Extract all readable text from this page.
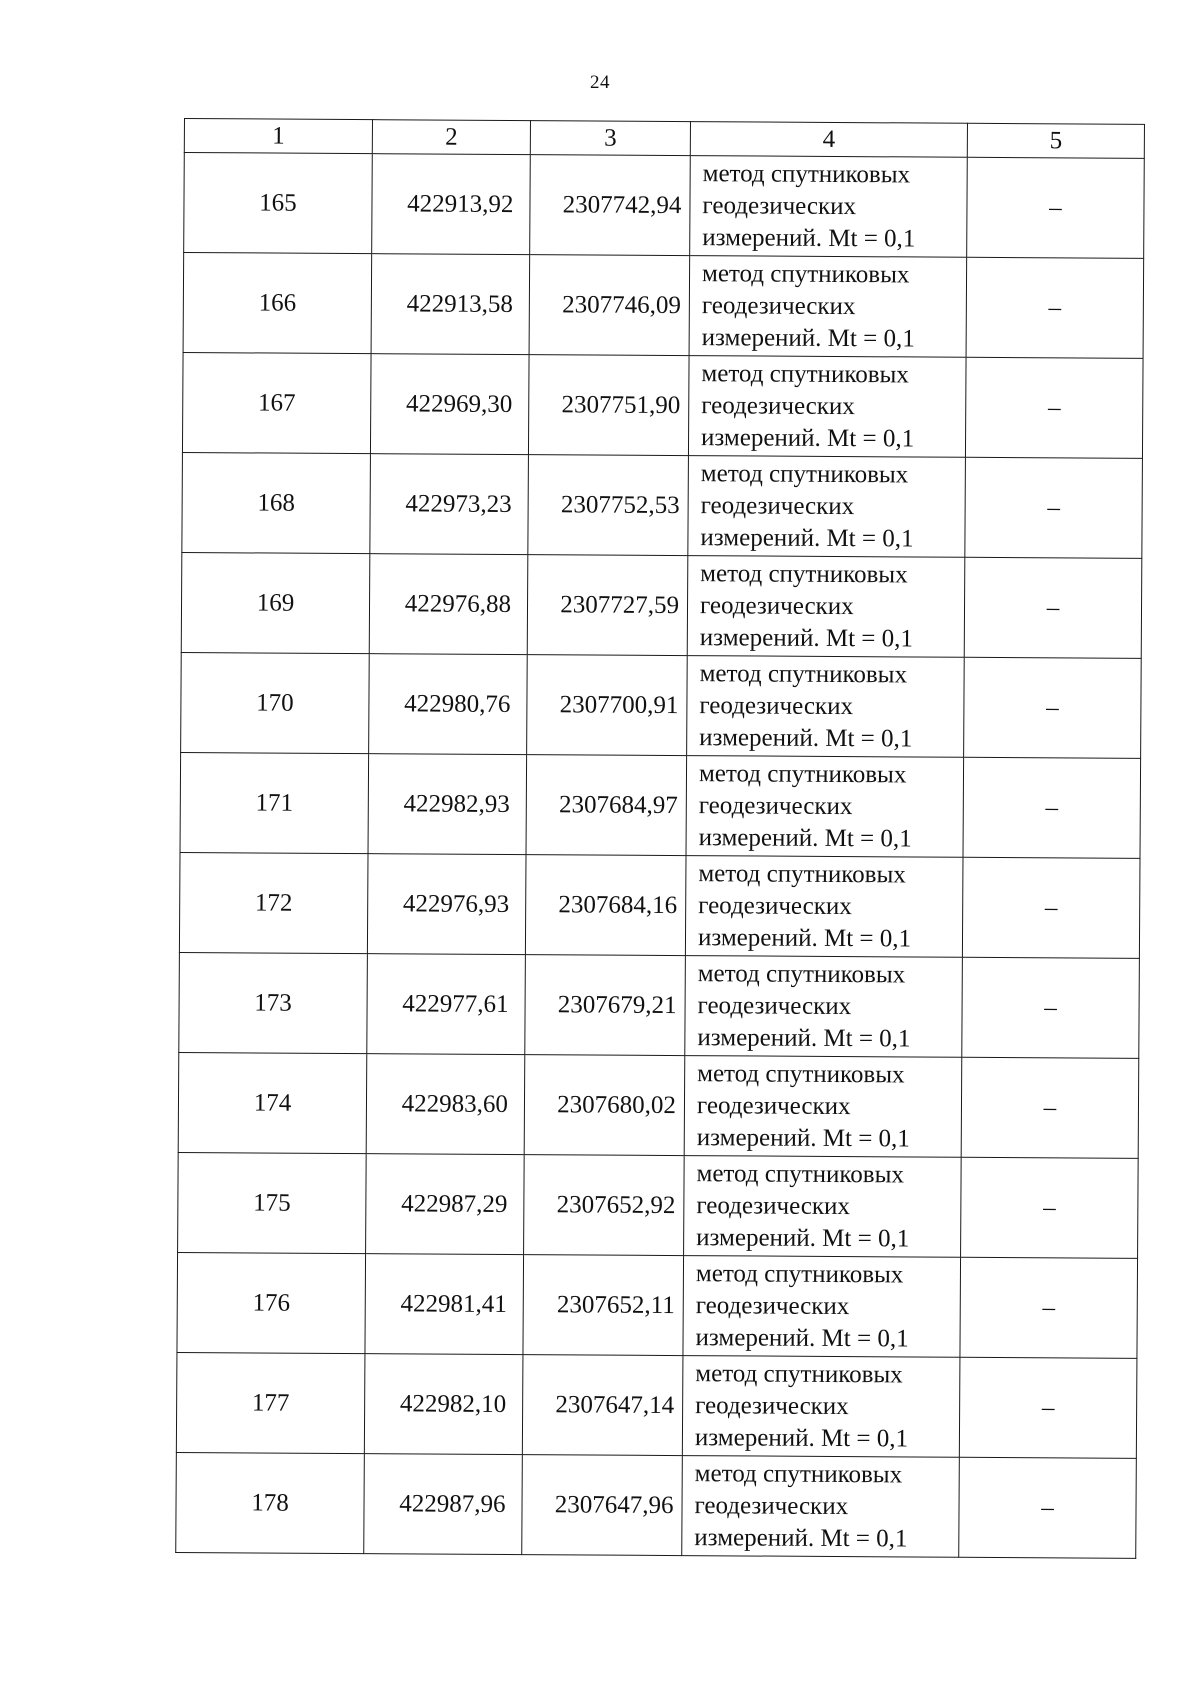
24
1	2	3	4	5
165	422913,92	2307742,94	метод спутниковых
геодезических
измерений. Mt = 0,1	–
166	422913,58	2307746,09	метод спутниковых
геодезических
измерений. Mt = 0,1	–
167	422969,30	2307751,90	метод спутниковых
геодезических
измерений. Mt = 0,1	–
168	422973,23	2307752,53	метод спутниковых
геодезических
измерений. Mt = 0,1	–
169	422976,88	2307727,59	метод спутниковых
геодезических
измерений. Mt = 0,1	–
170	422980,76	2307700,91	метод спутниковых
геодезических
измерений. Mt = 0,1	–
171	422982,93	2307684,97	метод спутниковых
геодезических
измерений. Mt = 0,1	–
172	422976,93	2307684,16	метод спутниковых
геодезических
измерений. Mt = 0,1	–
173	422977,61	2307679,21	метод спутниковых
геодезических
измерений. Mt = 0,1	–
174	422983,60	2307680,02	метод спутниковых
геодезических
измерений. Mt = 0,1	–
175	422987,29	2307652,92	метод спутниковых
геодезических
измерений. Mt = 0,1	–
176	422981,41	2307652,11	метод спутниковых
геодезических
измерений. Mt = 0,1	–
177	422982,10	2307647,14	метод спутниковых
геодезических
измерений. Mt = 0,1	–
178	422987,96	2307647,96	метод спутниковых
геодезических
измерений. Mt = 0,1	–
